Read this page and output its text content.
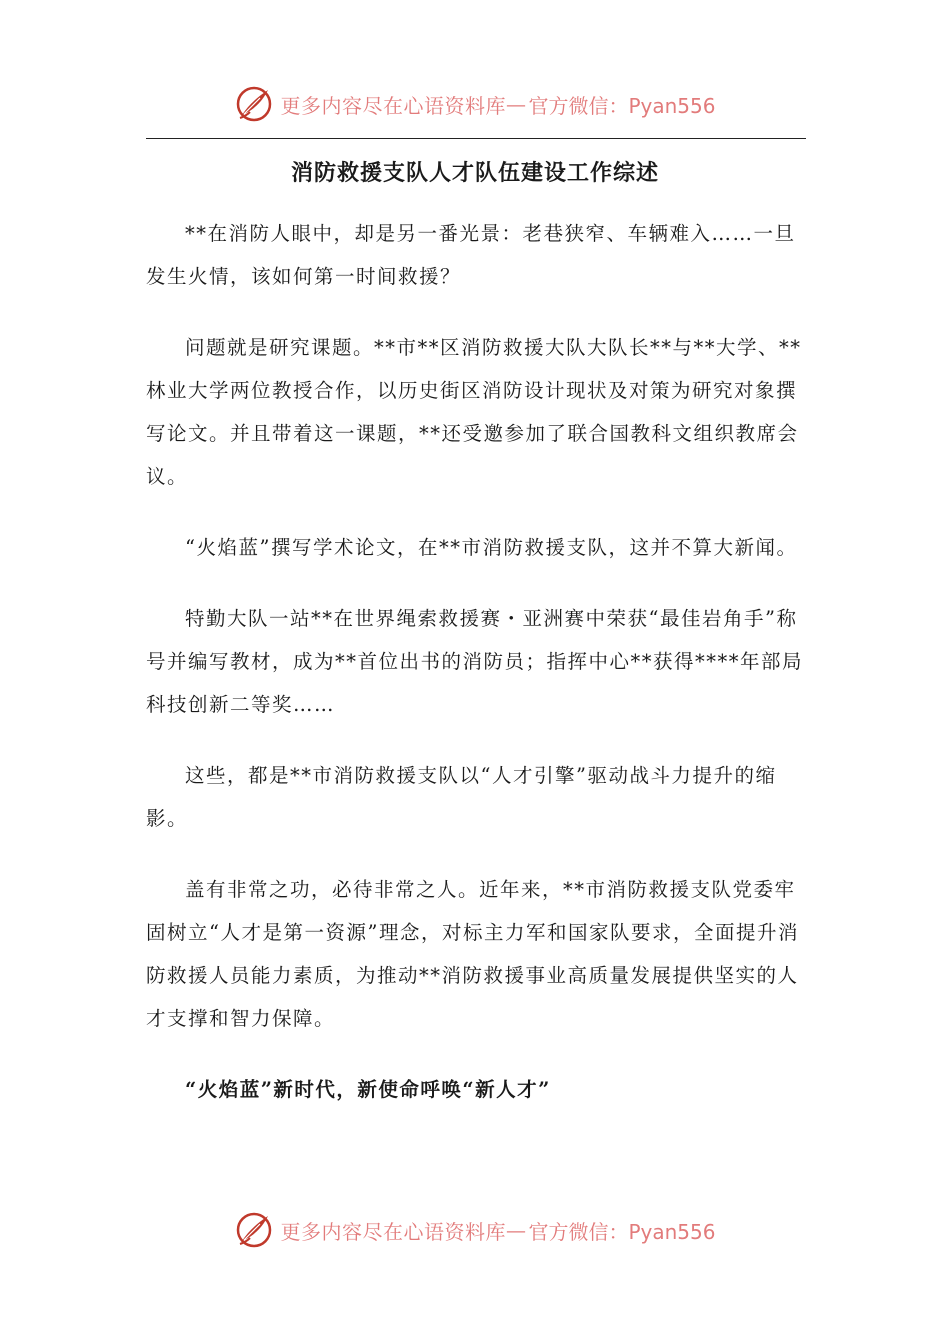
更多内容尽在心语资料库 — 官方微信：Pyan556
消防救援支队人才队伍建设工作综述

**在消防人眼中，却是另一番光景：老巷狭窄、车辆难入……一旦发生火情，该如何第一时间救援？

问题就是研究课题。**市**区消防救援大队大队长**与**大学、**林业大学两位教授合作，以历史街区消防设计现状及对策为研究对象撰写论文。并且带着这一课题，**还受邀参加了联合国教科文组织教席会议。

“火焰蓝”撰写学术论文，在**市消防救援支队，这并不算大新闻。

特勤大队一站**在世界绳索救援赛・亚洲赛中荣获“最佳岩角手”称号并编写教材，成为**首位出书的消防员；指挥中心**获得****年部局科技创新二等奖……

这些，都是**市消防救援支队以“人才引擎”驱动战斗力提升的缩影。

盖有非常之功，必待非常之人。近年来，**市消防救援支队党委牢固树立“人才是第一资源”理念，对标主力军和国家队要求，全面提升消防救援人员能力素质，为推动**消防救援事业高质量发展提供坚实的人才支撑和智力保障。

“火焰蓝”新时代，新使命呼唤“新人才”

更多内容尽在心语资料库 — 官方微信：Pyan556
